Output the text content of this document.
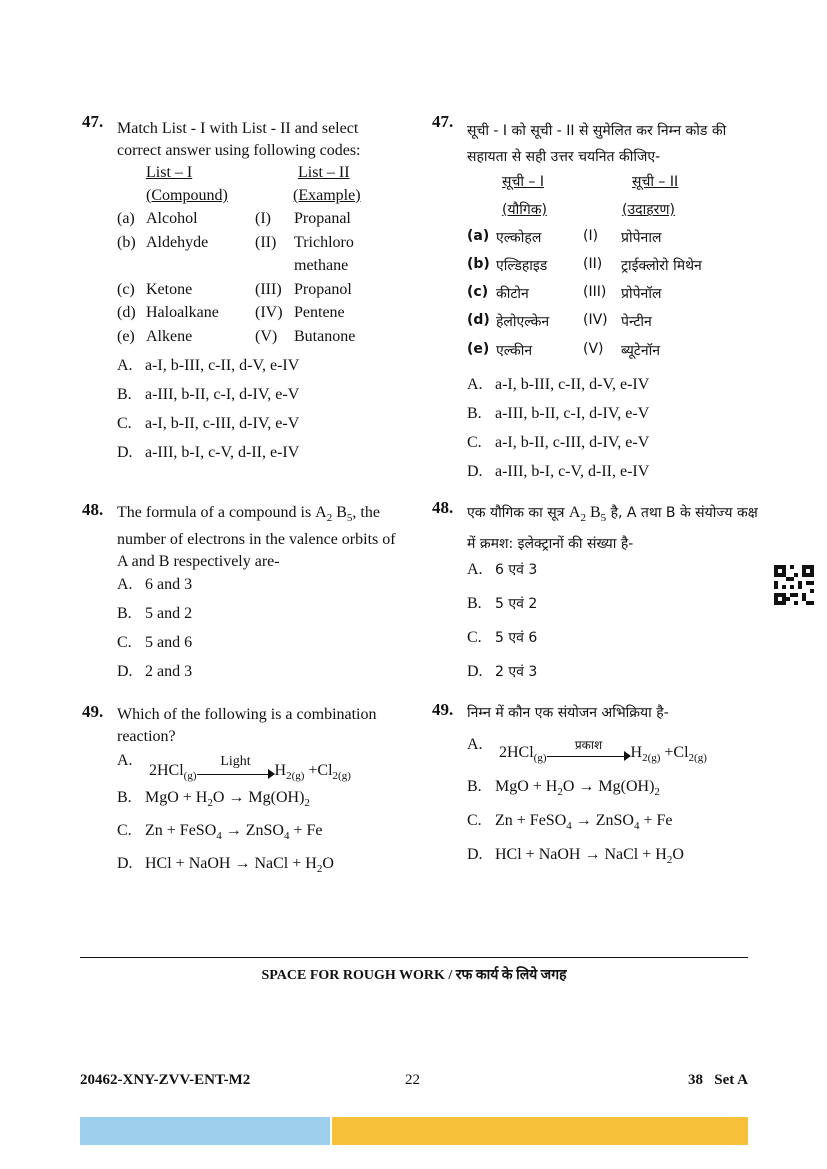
47. Match List - I with List - II and select correct answer using following codes:
List – I
(Compound)
List – II
(Example)
(a) Alcohol	(I) Propanal
(b) Aldehyde	(II) Trichloro
methane
(c) Ketone	(III) Propanol
(d) Haloalkane (IV) Pentene
(e) Alkene	(V) Butanone
A. a-I, b-III, c-II, d-V, e-IV
B. a-III, b-II, c-I, d-IV, e-V
C. a-I, b-II, c-III, d-IV, e-V
D. a-III, b-I, c-V, d-II, e-IV
48. The formula of a compound is $A_2$ $B_5$, the number of electrons in the valence orbits of A and B respectively are-
A. 6 and 3
B. 5 and 2
C. 5 and 6
D. 2 and 3
49. Which of the following is a combination reaction?
A. 2HCl$_{(g)}$
Light
$H_{2(g)} +Cl_{2(g)}$
B. MgO + $H_2O \to Mg(OH)_2$
C. Zn + FeSO$_4$ → ZnSO$_4$ + Fe
D. HCl + NaOH → NaCl + $H_2O$
47. सूची - I को सूची - II से सुमेलित कर निम्न कोड की सहायता से सही उत्तर चयनित कीजिए-
सूची – I
(यौगिक)
सूची – II
(उदाहरण)
(a) एल्कोहल	(I) प्रोपेनाल
(b) एल्डिहाइड	(II) ट्राईक्लोरो मिथेन
(c) कीटोन	(III) प्रोपेनॉल
(d) हेलोएल्केन (IV) पेन्टीन
(e) एल्कीन	(V) ब्यूटेनॉन
A. a-I, b-III, c-II, d-V, e-IV
B. a-III, b-II, c-I, d-IV, e-V
C. a-I, b-II, c-III, d-IV, e-V
D. a-III, b-I, c-V, d-II, e-IV
48. एक यौगिक का सूत्र $A_2$ $B_5$ है, A तथा B के संयोज्य कक्ष में क्रमश: इलेक्ट्रानों की संख्या है-
A. 6 एवं 3
B. 5 एवं 2
C. 5 एवं 6
D. 2 एवं 3
49. निम्न में कौन एक संयोजन अभिक्रिया है-
A. 2HCl$_{(g)}$
प्रकाश	$H_{2(g)} +Cl_{2(g)}$
B. MgO + $H_2O \to Mg(OH)_2$
C. Zn + FeSO$_4$ → ZnSO$_4$ + Fe
D. HCl + NaOH → NaCl + $H_2O$
SPACE FOR ROUGH WORK / रफ कार्य के लिये जगह
20462-XNY-ZVV-ENT-M2	22	38   Set A
